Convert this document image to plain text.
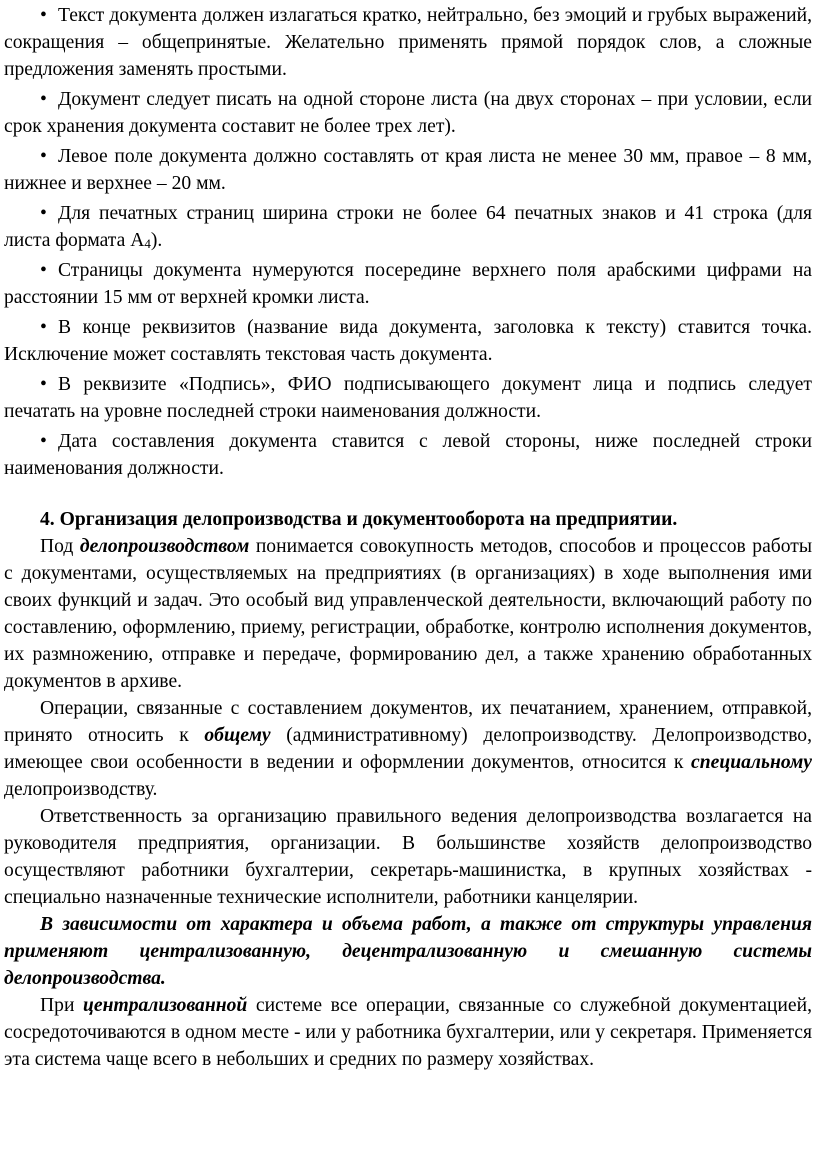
• Текст документа должен излагаться кратко, нейтрально, без эмоций и грубых выражений, сокращения – общепринятые. Желательно применять прямой порядок слов, а сложные предложения заменять простыми.

• Документ следует писать на одной стороне листа (на двух сторонах – при условии, если срок хранения документа составит не более трех лет).

• Левое поле документа должно составлять от края листа не менее 30 мм, правое – 8 мм, нижнее и верхнее – 20 мм.

• Для печатных страниц ширина строки не более 64 печатных знаков и 41 строка (для листа формата $А_4$).

• Страницы документа нумеруются посередине верхнего поля арабскими цифрами на расстоянии 15 мм от верхней кромки листа.

• В конце реквизитов (название вида документа, заголовка к тексту) ставится точка. Исключение может составлять текстовая часть документа.

• В реквизите «Подпись», ФИО подписывающего документ лица и подпись следует печатать на уровне последней строки наименования должности.

• Дата составления документа ставится с левой стороны, ниже последней строки наименования должности.

4. Организация делопроизводства и документооборота на предприятии.

Под делопроизводством понимается совокупность методов, способов и процессов работы с документами, осуществляемых на предприятиях (в организациях) в ходе выполнения ими своих функций и задач. Это особый вид управленческой деятельности, включающий работу по составлению, оформлению, приему, регистрации, обработке, контролю исполнения документов, их размножению, отправке и передаче, формированию дел, а также хранению обработанных документов в архиве.

Операции, связанные с составлением документов, их печатанием, хранением, отправкой, принято относить к общему (административному) делопроизводству. Делопроизводство, имеющее свои особенности в ведении и оформлении документов, относится к специальному делопроизводству.

Ответственность за организацию правильного ведения делопроизводства возлагается на руководителя предприятия, организации. В большинстве хозяйств делопроизводство осуществляют работники бухгалтерии, секретарь-машинистка, в крупных хозяйствах - специально назначенные технические исполнители, работники канцелярии.

В зависимости от характера и объема работ, а также от структуры управления применяют централизованную, децентрализованную и смешанную системы делопроизводства.

При централизованной системе все операции, связанные со служебной документацией, сосредоточиваются в одном месте - или у работника бухгалтерии, или у секретаря. Применяется эта система чаще всего в небольших и средних по размеру хозяйствах.
